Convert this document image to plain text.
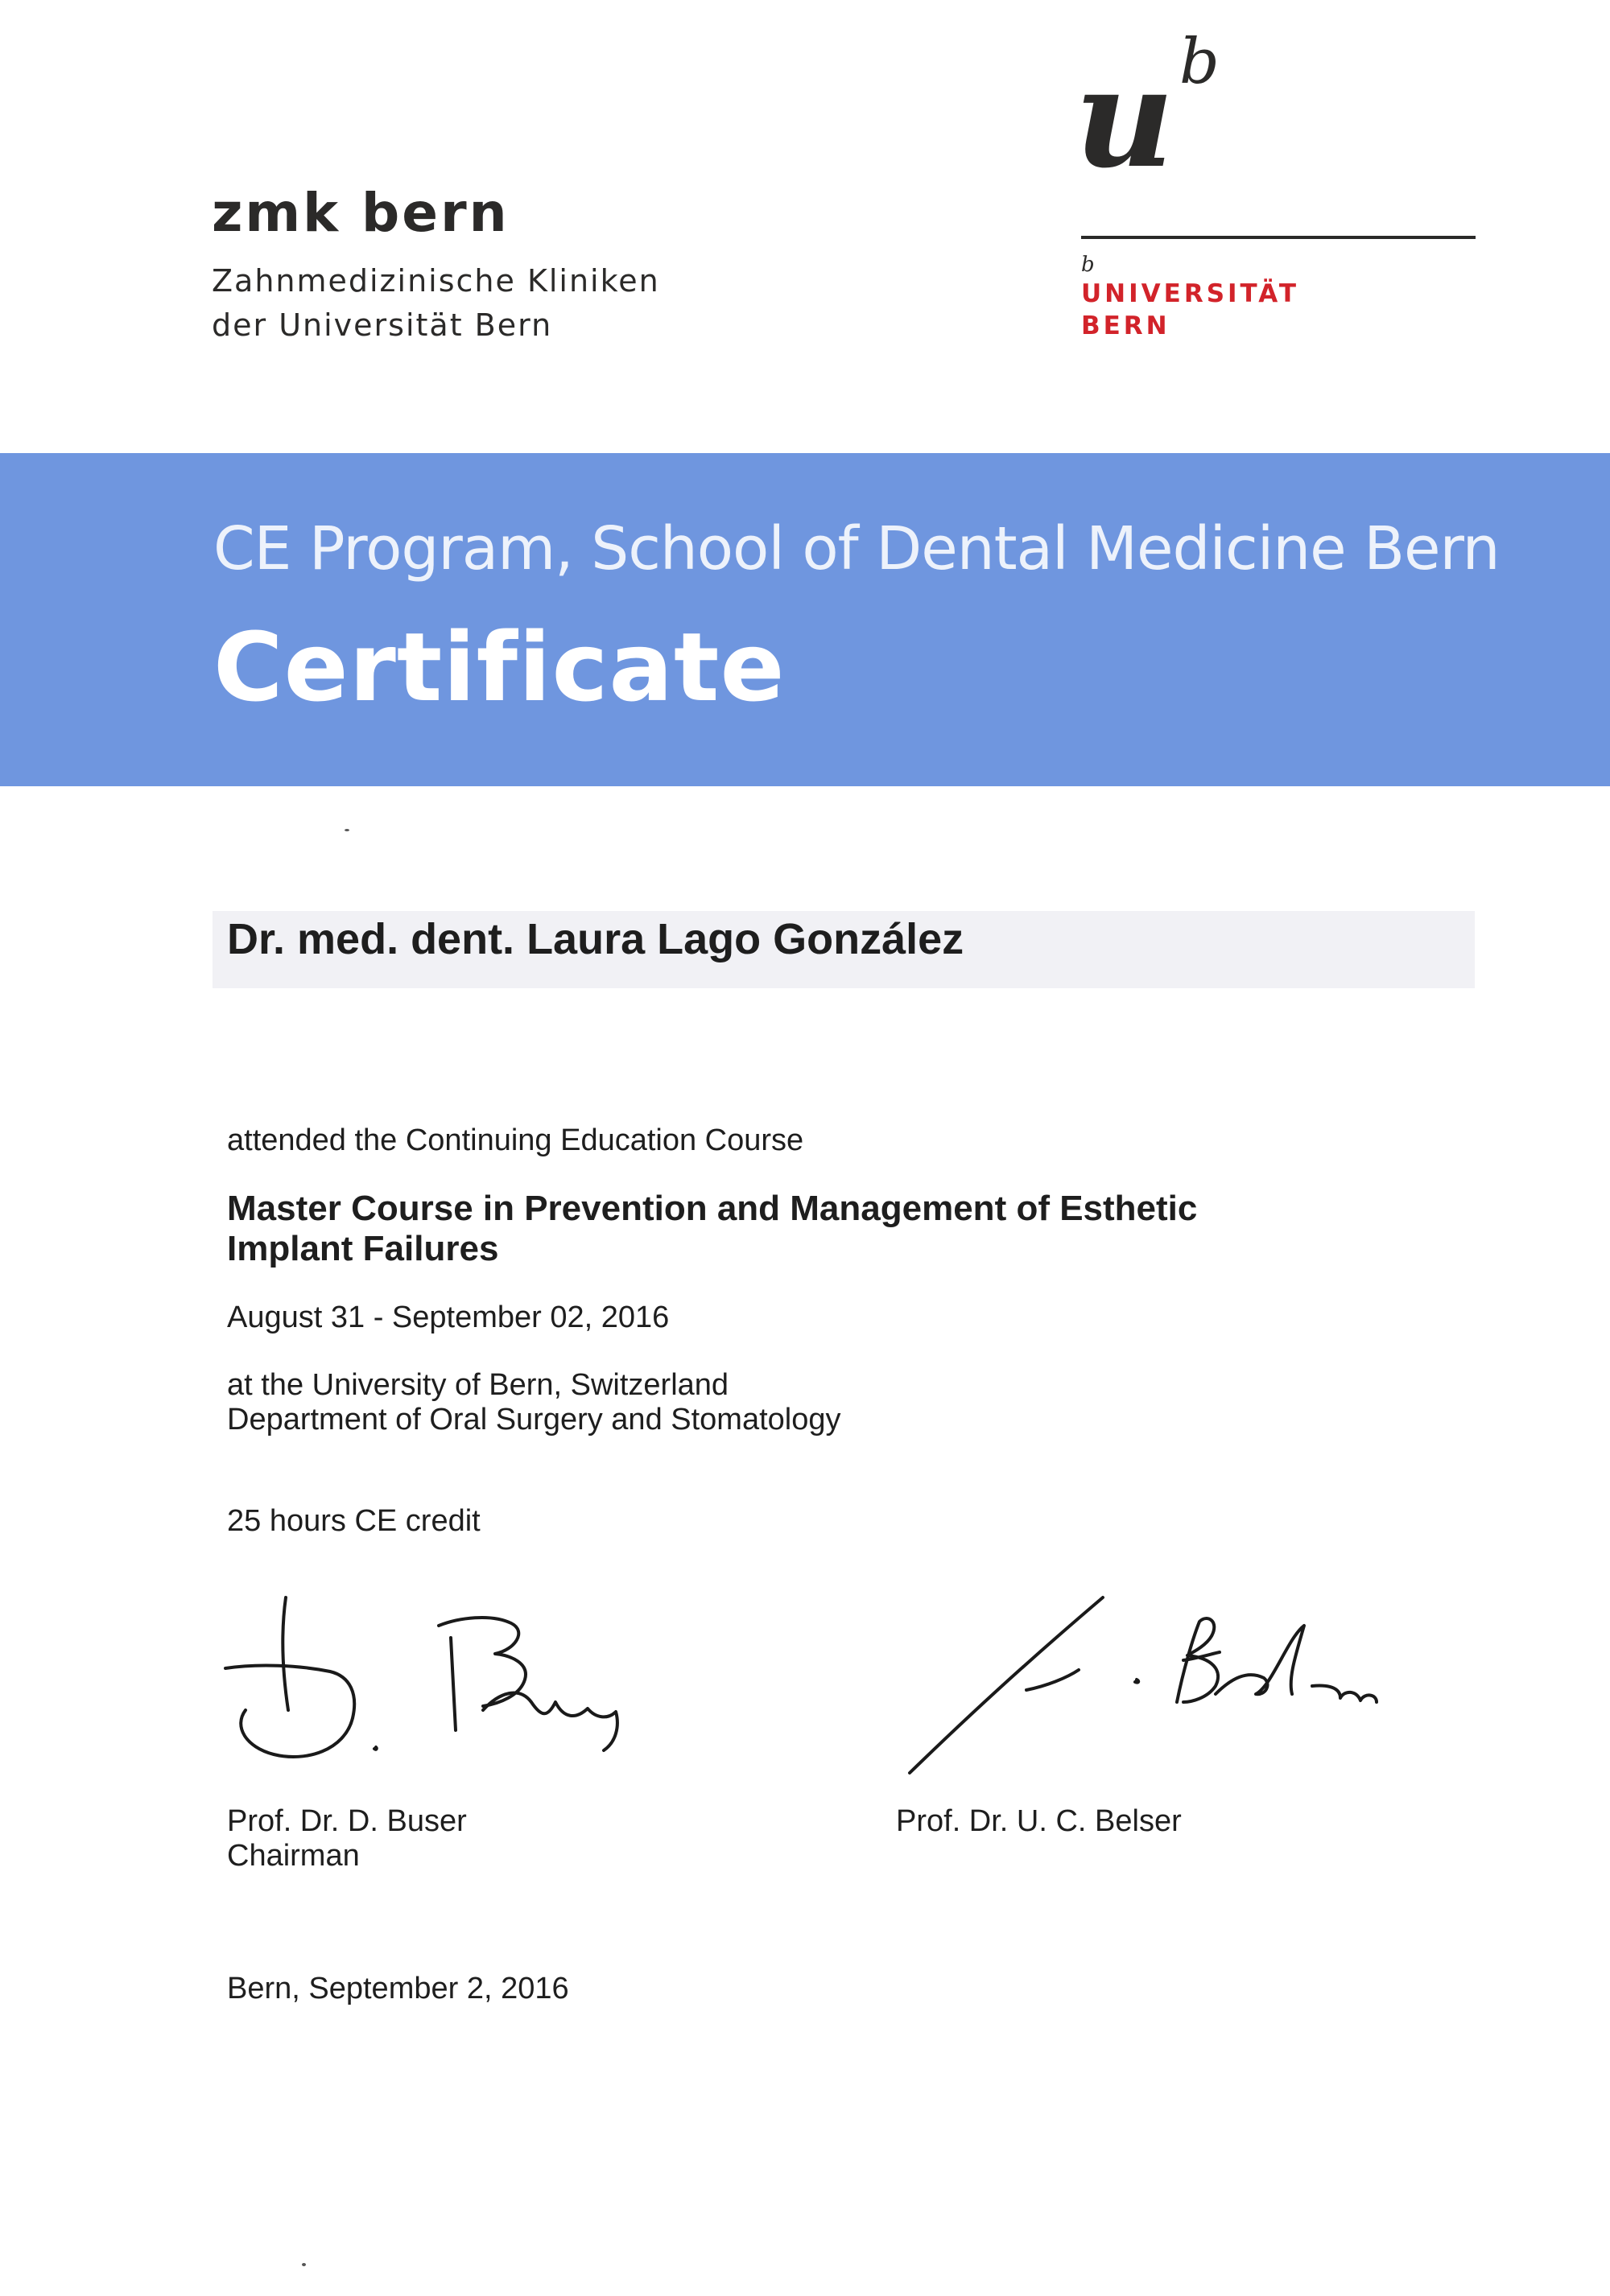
zmk bern
Zahnmedizinische Kliniken
der Universität Bern
u b
b
UNIVERSITÄT
BERN
CE Program, School of Dental Medicine Bern
Certificate
Dr. med. dent. Laura Lago González
attended the Continuing Education Course
Master Course in Prevention and Management of Esthetic
Implant Failures
August 31 - September 02, 2016
at the University of Bern, Switzerland
Department of Oral Surgery and Stomatology
25 hours CE credit
Prof. Dr. D. Buser
Chairman
Prof. Dr. U. C. Belser
Bern, September 2, 2016
